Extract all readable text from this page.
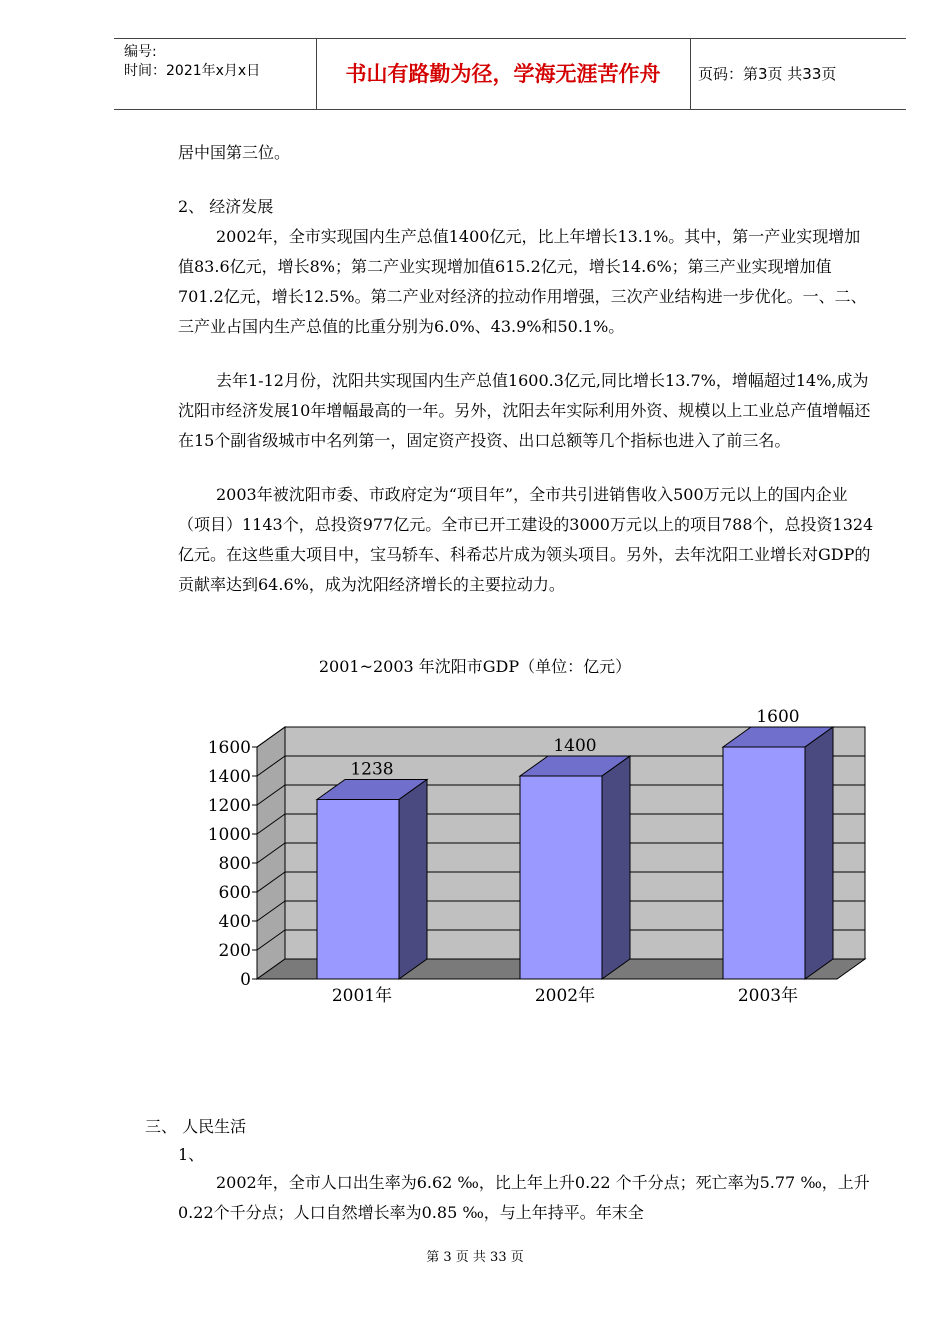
编号:
时间：2021年x月x日	书山有路勤为径，学海无涯苦作舟	页码：第3页 共33页
居中国第三位。
2、 经济发展
2002年，全市实现国内生产总值1400亿元，比上年增长13.1%。其中，第一产业实现增加值83.6亿元，增长8%；第二产业实现增加值615.2亿元，增长14.6%；第三产业实现增加值701.2亿元，增长12.5%。第二产业对经济的拉动作用增强，三次产业结构进一步优化。一、二、三产业占国内生产总值的比重分别为6.0%、43.9%和50.1%。
去年1-12月份，沈阳共实现国内生产总值1600.3亿元,同比增长13.7%，增幅超过14%,成为沈阳市经济发展10年增幅最高的一年。另外，沈阳去年实际利用外资、规模以上工业总产值增幅还在15个副省级城市中名列第一，固定资产投资、出口总额等几个指标也进入了前三名。
2003年被沈阳市委、市政府定为“项目年”，全市共引进销售收入500万元以上的国内企业（项目）1143个，总投资977亿元。全市已开工建设的3000万元以上的项目788个，总投资1324亿元。在这些重大项目中，宝马轿车、科希芯片成为领头项目。另外，去年沈阳工业增长对GDP的贡献率达到64.6%，成为沈阳经济增长的主要拉动力。
2001~2003 年沈阳市GDP（单位：亿元）
0
200
400
600
800
1000
1200
1400
1600
1238
2001年
1400
2002年
1600
2003年
三、 人民生活
1、
2002年，全市人口出生率为6.62 ‰，比上年上升0.22 个千分点；死亡率为5.77 ‰，上升0.22个千分点；人口自然增长率为0.85 ‰，与上年持平。年末全
第 3 页 共 33 页
